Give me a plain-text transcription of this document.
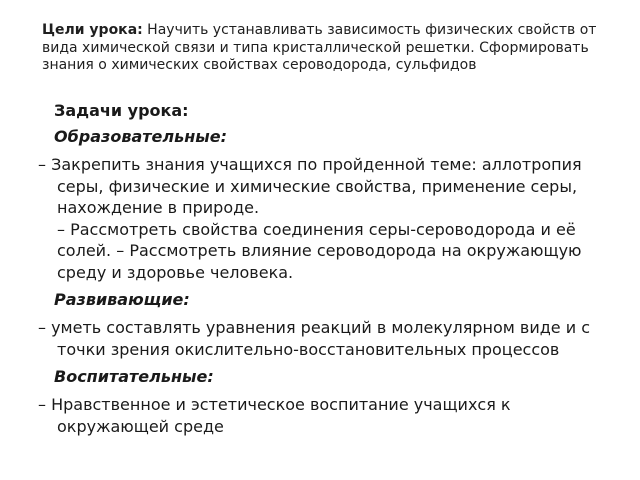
Цели урока: Научить устанавливать зависимость физических свойств от вида химической связи и типа кристаллической решетки. Сформировать знания о химических свойствах сероводорода, сульфидов
Задачи урока:
Образовательные:
– Закрепить знания учащихся по пройденной теме: аллотропия серы, физические и химические свойства, применение серы, нахождение в природе.
– Рассмотреть свойства соединения серы-сероводорода и её солей. – Рассмотреть влияние сероводорода на окружающую среду и здоровье человека.
Развивающие:
– уметь составлять уравнения реакций в молекулярном виде и с точки зрения окислительно-восстановительных процессов
Воспитательные:
– Нравственное и эстетическое воспитание учащихся к окружающей среде
